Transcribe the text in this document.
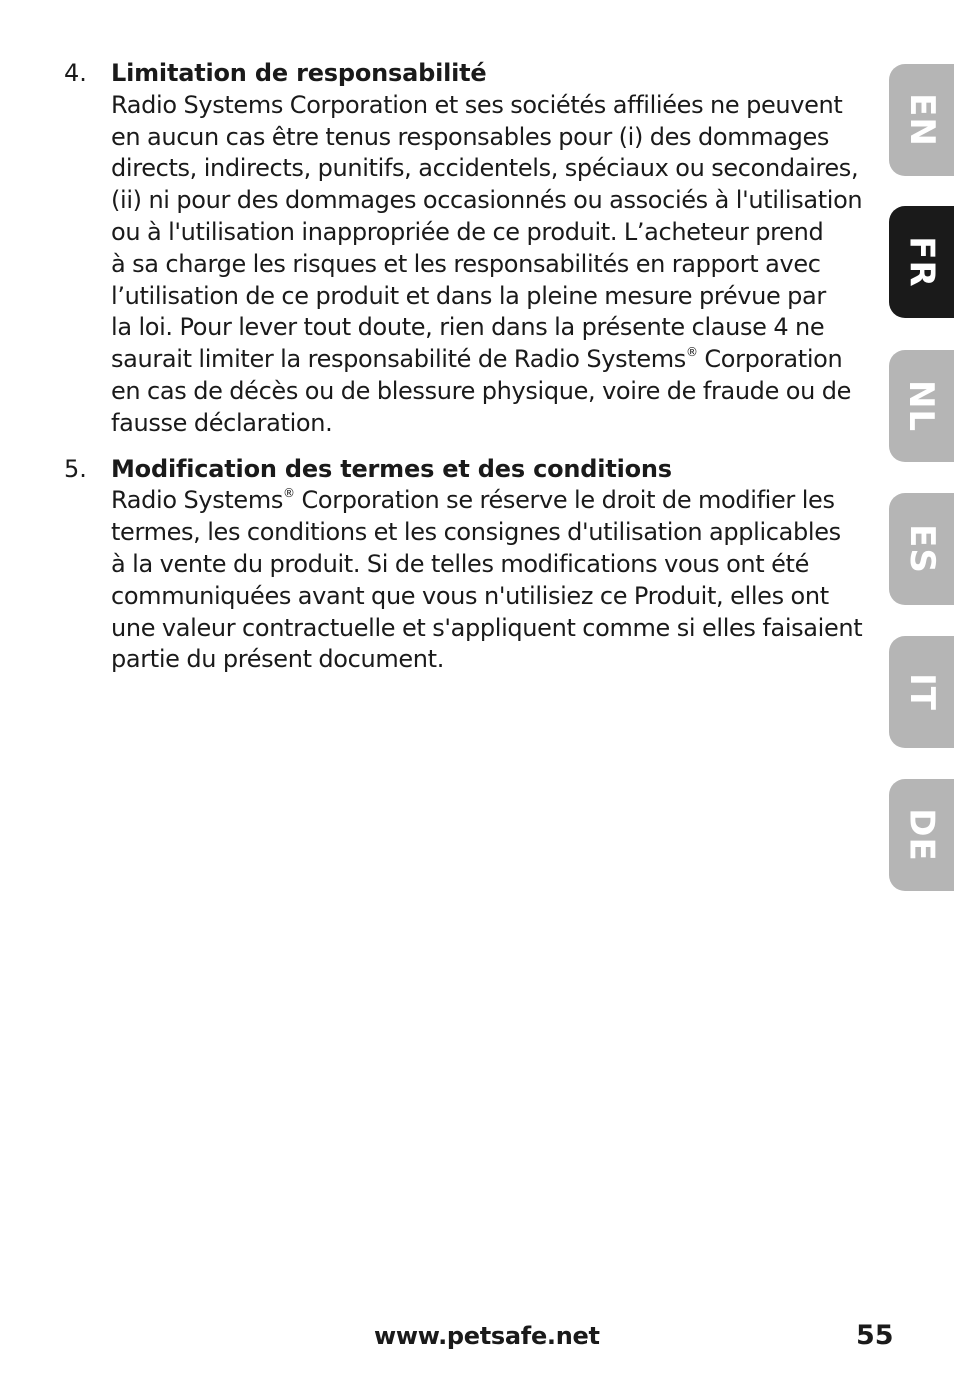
4.	Limitation de responsabilité
Radio Systems Corporation et ses sociétés affiliées ne peuvent
en aucun cas être tenus responsables pour (i) des dommages
directs, indirects, punitifs, accidentels, spéciaux ou secondaires,
(ii) ni pour des dommages occasionnés ou associés à l'utilisation
ou à l'utilisation inappropriée de ce produit. L’acheteur prend
à sa charge les risques et les responsabilités en rapport avec
l’utilisation de ce produit et dans la pleine mesure prévue par
la loi. Pour lever tout doute, rien dans la présente clause 4 ne
saurait limiter la responsabilité de Radio Systems® Corporation
en cas de décès ou de blessure physique, voire de fraude ou de
fausse déclaration.
5.	Modification des termes et des conditions
Radio Systems® Corporation se réserve le droit de modifier les
termes, les conditions et les consignes d'utilisation applicables
à la vente du produit. Si de telles modifications vous ont été
communiquées avant que vous n'utilisiez ce Produit, elles ont
une valeur contractuelle et s'appliquent comme si elles faisaient
partie du présent document.
EN
FR
NL
ES
IT
DE
www.petsafe.net	55
